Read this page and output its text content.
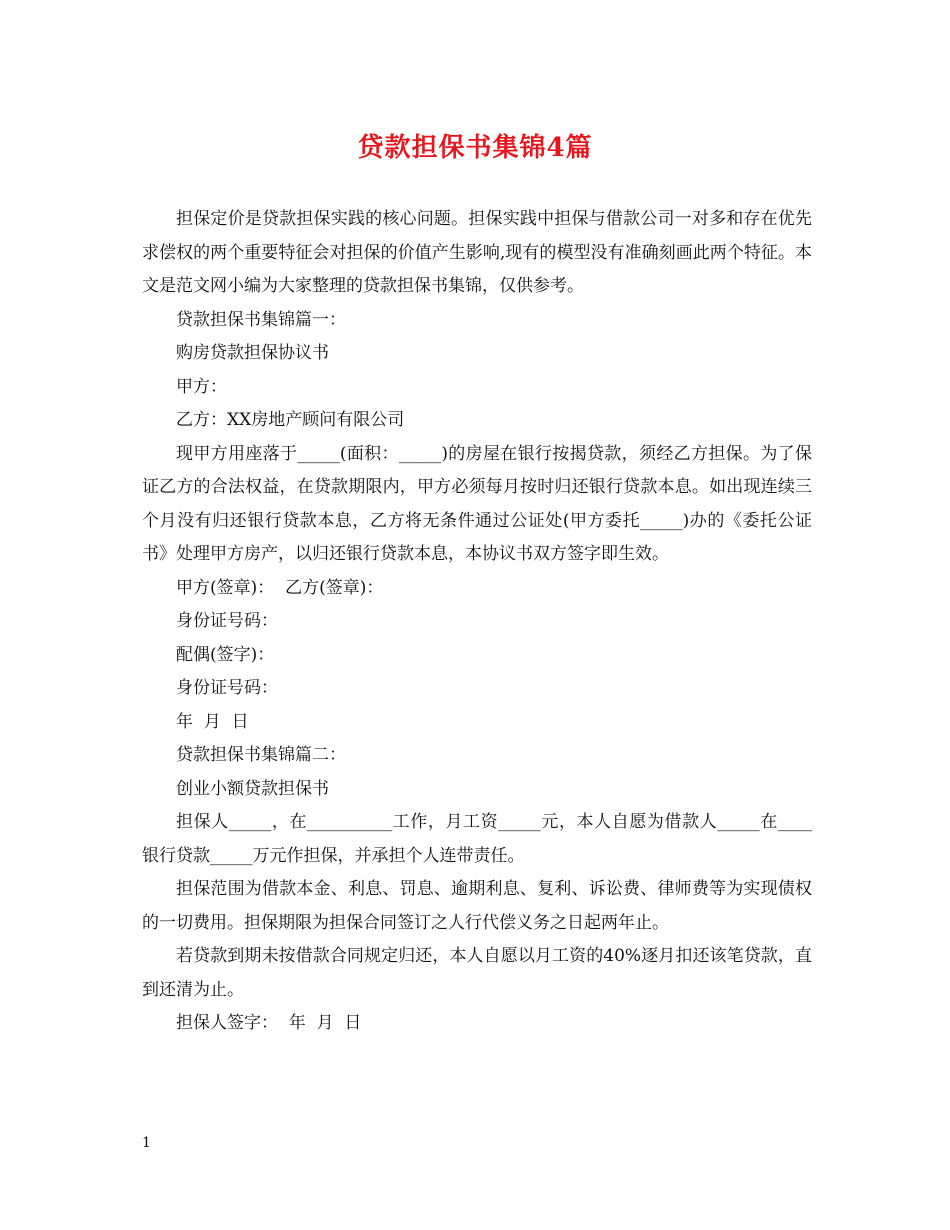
贷款担保书集锦4篇

担保定价是贷款担保实践的核心问题。担保实践中担保与借款公司一对多和存在优先求偿权的两个重要特征会对担保的价值产生影响,现有的模型没有准确刻画此两个特征。本文是范文网小编为大家整理的贷款担保书集锦，仅供参考。

贷款担保书集锦篇一：

购房贷款担保协议书

甲方：

乙方：XX房地产顾问有限公司

现甲方用座落于_____(面积：_____)的房屋在银行按揭贷款，须经乙方担保。为了保证乙方的合法权益，在贷款期限内，甲方必须每月按时归还银行贷款本息。如出现连续三个月没有归还银行贷款本息，乙方将无条件通过公证处(甲方委托_____)办的《委托公证书》处理甲方房产，以归还银行贷款本息，本协议书双方签字即生效。

甲方(签章)：  乙方(签章)：

身份证号码：

配偶(签字)：

身份证号码：

年  月  日

贷款担保书集锦篇二：

创业小额贷款担保书

担保人_____，在__________工作，月工资_____元，本人自愿为借款人_____在____银行贷款_____万元作担保，并承担个人连带责任。

担保范围为借款本金、利息、罚息、逾期利息、复利、诉讼费、律师费等为实现债权的一切费用。担保期限为担保合同签订之人行代偿义务之日起两年止。

若贷款到期未按借款合同规定归还，本人自愿以月工资的40%逐月扣还该笔贷款，直到还清为止。

担保人签字：  年  月  日

1
